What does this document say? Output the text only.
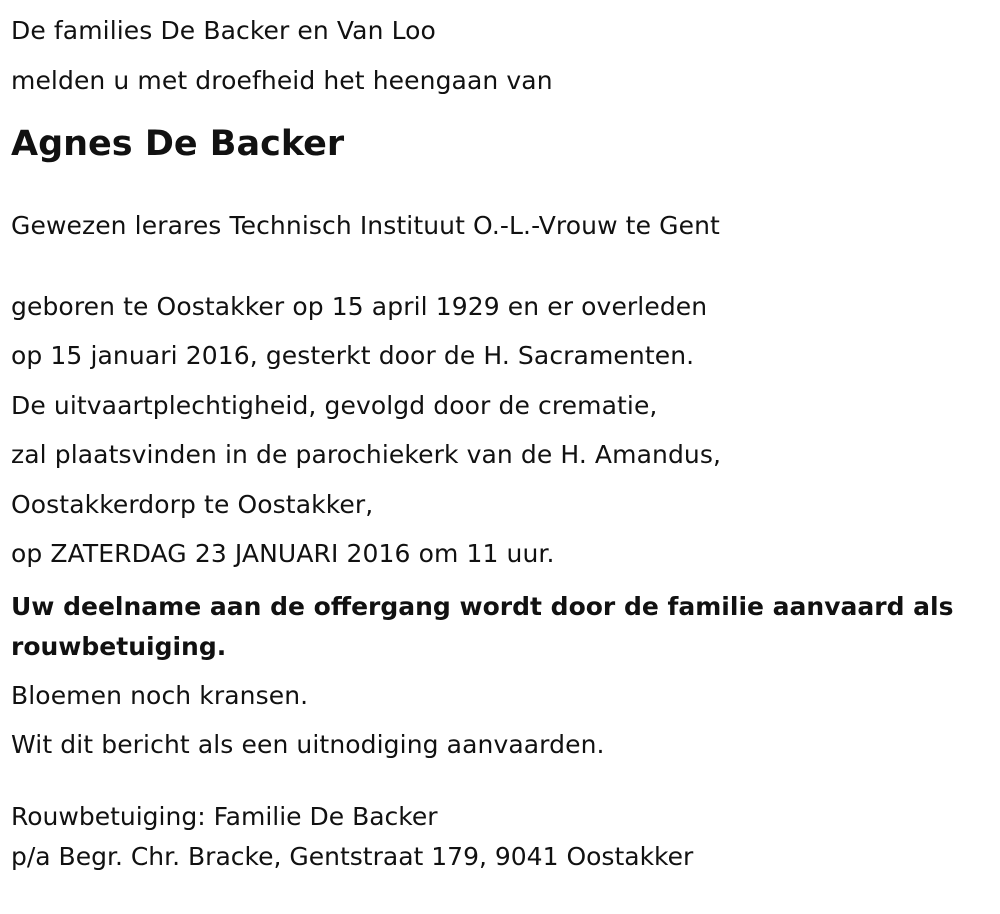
De families De Backer en Van Loo
melden u met droefheid het heengaan van
Agnes De Backer
Gewezen lerares Technisch Instituut O.-L.-Vrouw te Gent
geboren te Oostakker op 15 april 1929 en er overleden
op 15 januari 2016, gesterkt door de H. Sacramenten.
De uitvaartplechtigheid, gevolgd door de crematie,
zal plaatsvinden in de parochiekerk van de H. Amandus,
Oostakkerdorp te Oostakker,
op ZATERDAG 23 JANUARI 2016 om 11 uur.
Uw deelname aan de offergang wordt door de familie aanvaard als rouwbetuiging.
Bloemen noch kransen.
Wit dit bericht als een uitnodiging aanvaarden.
Rouwbetuiging: Familie De Backer
p/a Begr. Chr. Bracke, Gentstraat 179, 9041 Oostakker
